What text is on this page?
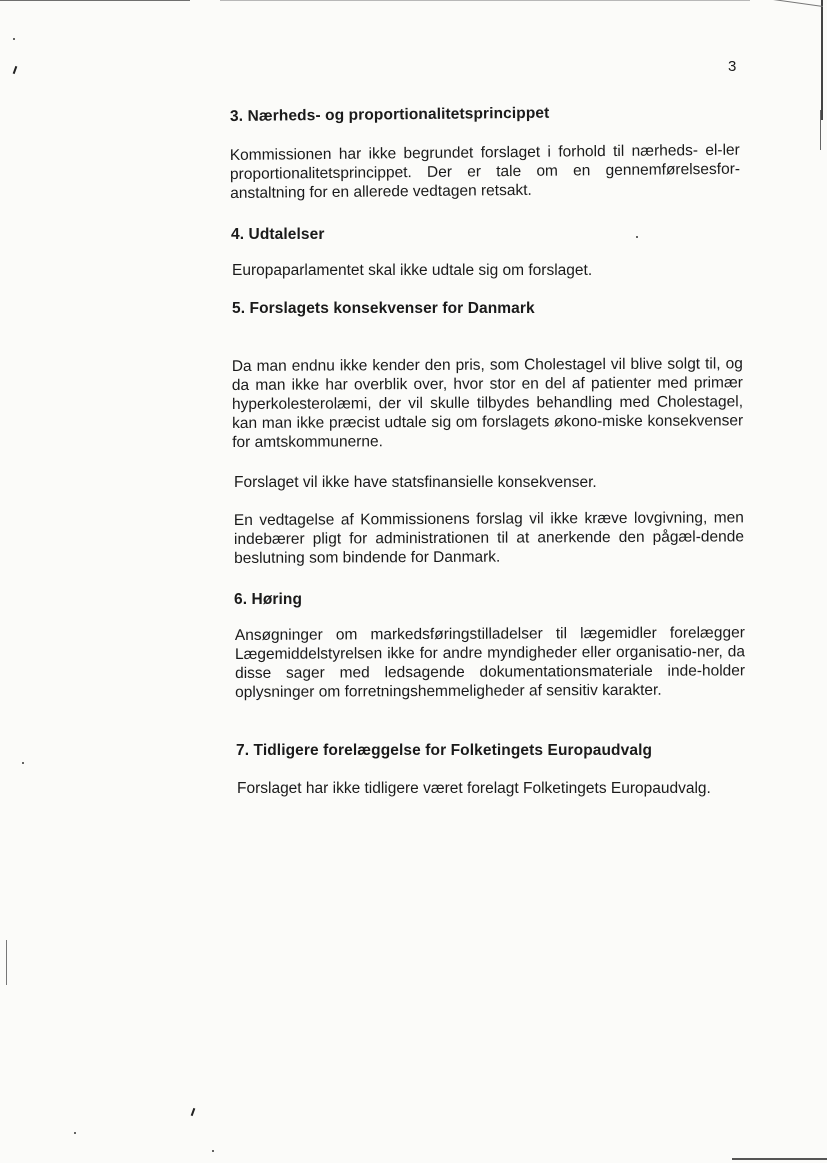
3
3. Nærheds- og proportionalitetsprincippet

Kommissionen har ikke begrundet forslaget i forhold til nærheds- el-ler proportionalitetsprincippet. Der er tale om en gennemførelsesfor-anstaltning for en allerede vedtagen retsakt.

4. Udtalelser

Europaparlamentet skal ikke udtale sig om forslaget.

5. Forslagets konsekvenser for Danmark

Da man endnu ikke kender den pris, som Cholestagel vil blive solgt til, og da man ikke har overblik over, hvor stor en del af patienter med primær hyperkolesterolæmi, der vil skulle tilbydes behandling med Cholestagel, kan man ikke præcist udtale sig om forslagets økono-miske konsekvenser for amtskommunerne.

Forslaget vil ikke have statsfinansielle konsekvenser.

En vedtagelse af Kommissionens forslag vil ikke kræve lovgivning, men indebærer pligt for administrationen til at anerkende den pågæl-dende beslutning som bindende for Danmark.

6. Høring

Ansøgninger om markedsføringstilladelser til lægemidler forelægger Lægemiddelstyrelsen ikke for andre myndigheder eller organisatio-ner, da disse sager med ledsagende dokumentationsmateriale inde-holder oplysninger om forretningshemmeligheder af sensitiv karakter.

7. Tidligere forelæggelse for Folketingets Europaudvalg

Forslaget har ikke tidligere været forelagt Folketingets Europaudvalg.
